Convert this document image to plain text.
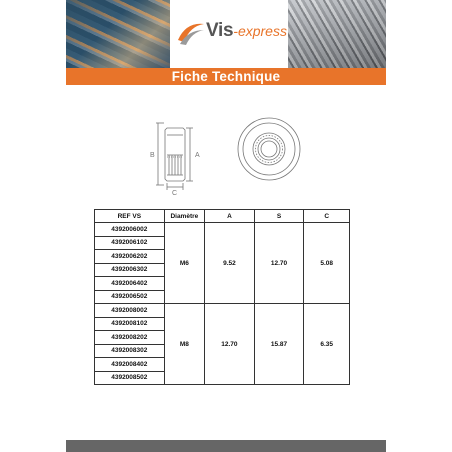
Vis-express
Fiche Technique
B	A
C
REF VS	Diamètre	A	S	C
4392006002	M6	9.52	12.70	5.08
4392006102				
4392006202				
4392006302				
4392006402				
4392006502				
4392008002	M8	12.70	15.87	6.35
4392008102				
4392008202				
4392008302				
4392008402				
4392008502				
